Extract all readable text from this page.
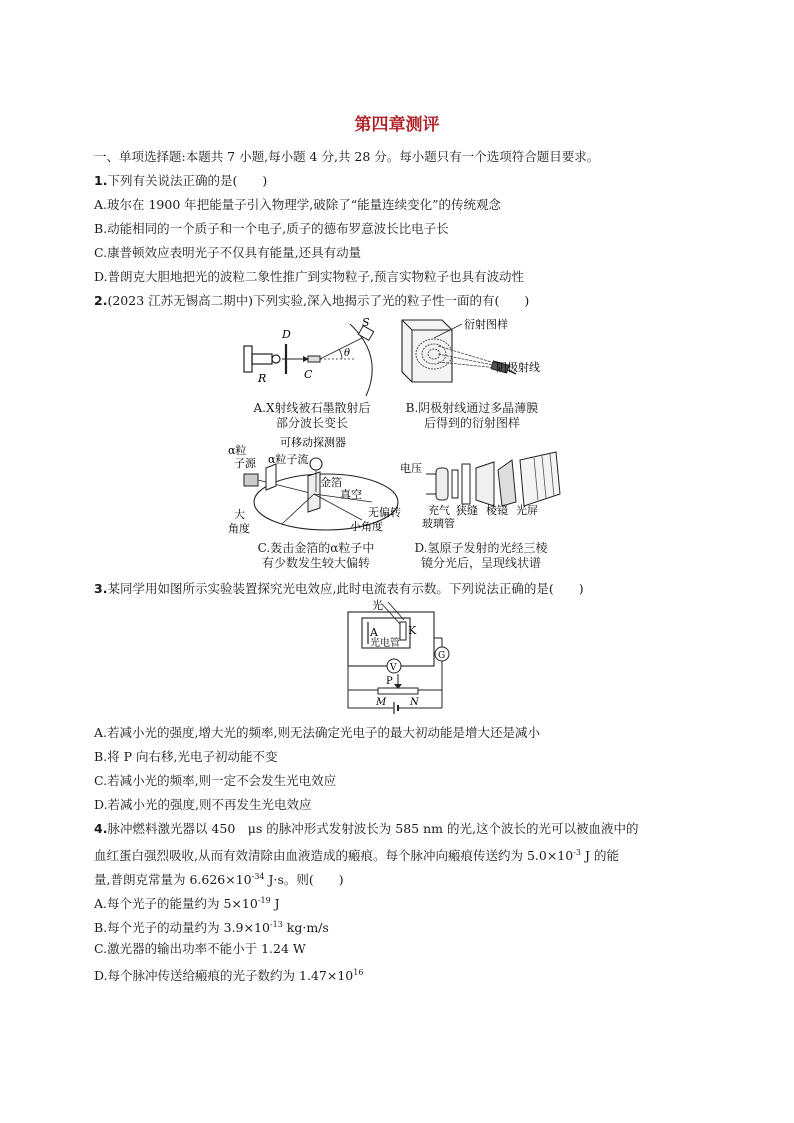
第四章测评
一、单项选择题:本题共 7 小题,每小题 4 分,共 28 分。每小题只有一个选项符合题目要求。
1.下列有关说法正确的是(　　)
A.玻尔在 1900 年把能量子引入物理学,破除了“能量连续变化”的传统观念
B.动能相同的一个质子和一个电子,质子的德布罗意波长比电子长
C.康普顿效应表明光子不仅具有能量,还具有动量
D.普朗克大胆地把光的波粒二象性推广到实物粒子,预言实物粒子也具有波动性
2.(2023 江苏无锡高二期中)下列实验,深入地揭示了光的粒子性一面的有(　　)
D
S
θ
R	C
A.X射线被石墨散射后
部分波长变长
衍射图样
阴极射线
B.阴极射线通过多晶薄膜
后得到的衍射图样
可移动探测器
α粒
子源 α粒子流
金箔
真空
大
角度
无偏转
小角度
C.轰击金箔的α粒子中
有少数发生较大偏转
电压
充气
玻璃管
狭缝 棱镜 光屏
D.氢原子发射的光经三棱
镜分光后，呈现线状谱
3.某同学用如图所示实验装置探究光电效应,此时电流表有示数。下列说法正确的是(　　)
光
A	K
光电管
G
V
P
M N
A.若减小光的强度,增大光的频率,则无法确定光电子的最大初动能是增大还是减小
B.将 P 向右移,光电子初动能不变
C.若减小光的频率,则一定不会发生光电效应
D.若减小光的强度,则不再发生光电效应
4.脉冲燃料激光器以 450　μs 的脉冲形式发射波长为 585 nm 的光,这个波长的光可以被血液中的
血红蛋白强烈吸收,从而有效清除由血液造成的瘢痕。每个脉冲向瘢痕传送约为 $5.0\times 10^{-3}$ J 的能
量,普朗克常量为 $6.626\times 10^{-34}$ J·s。则(　　)
A.每个光子的能量约为 $5\times 10^{-19}$ J
B.每个光子的动量约为 $3.9\times 10^{-13}$ kg·m/s
C.激光器的输出功率不能小于 1.24 W
D.每个脉冲传送给瘢痕的光子数约为 $1.47\times 10^{16}$
